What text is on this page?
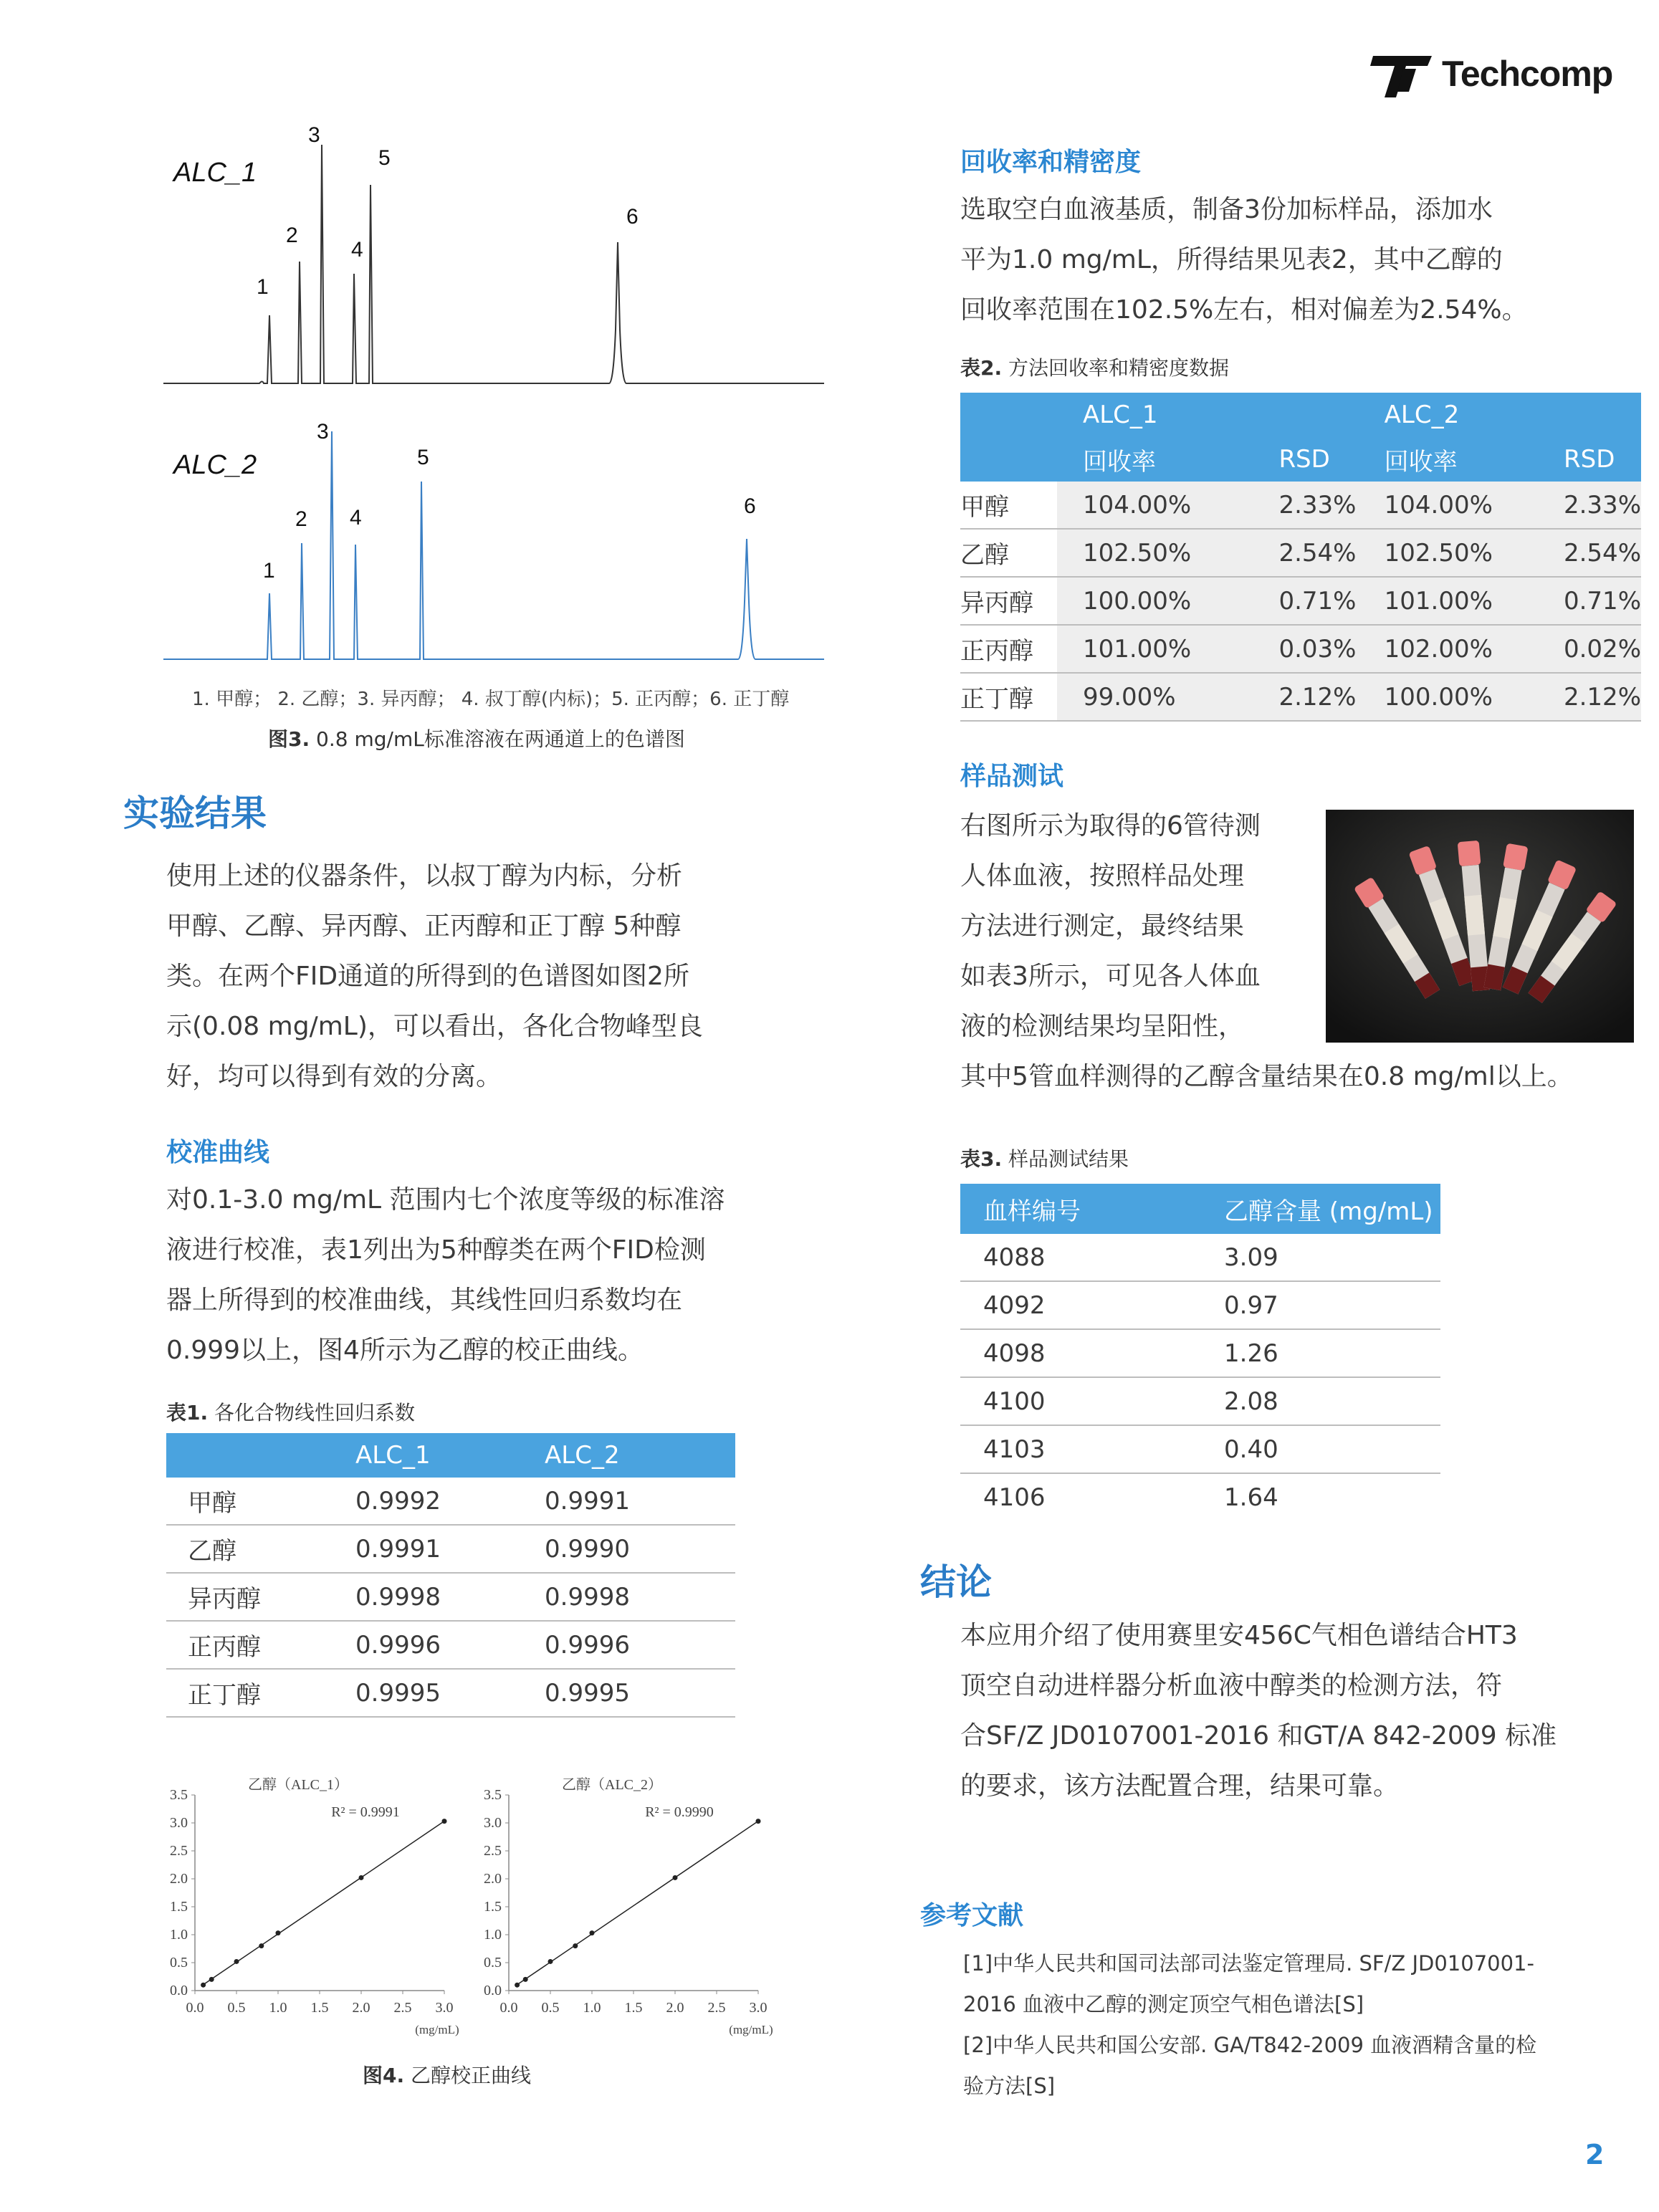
Techcomp
1
2
3
4
5
6
1
2
3
4
5
6
ALC_1
ALC_2
1. 甲醇； 2. 乙醇；3. 异丙醇； 4. 叔丁醇(内标)；5. 正丙醇；6. 正丁醇
图3. 0.8 mg/mL标准溶液在两通道上的色谱图
实验结果
使用上述的仪器条件，以叔丁醇为内标，分析
甲醇、乙醇、异丙醇、正丙醇和正丁醇 5种醇
类。在两个FID通道的所得到的色谱图如图2所
示(0.08 mg/mL)，可以看出，各化合物峰型良
好，均可以得到有效的分离。
校准曲线
对0.1-3.0 mg/mL 范围内七个浓度等级的标准溶
液进行校准，表1列出为5种醇类在两个FID检测
器上所得到的校准曲线，其线性回归系数均在
0.999以上，图4所示为乙醇的校正曲线。
表1. 各化合物线性回归系数
	ALC_1	ALC_2
甲醇	0.9992	0.9991
乙醇	0.9991	0.9990
异丙醇	0.9998	0.9998
正丙醇	0.9996	0.9996
正丁醇	0.9995	0.9995
0.0
0.5
1.0
1.5
2.0
2.5
3.0
3.5
0.0 0.5 1.0 1.5 2.0 2.5 3.0
乙醇（ALC_1）
R² = 0.9991
(mg/mL)
0.0
0.5
1.0
1.5
2.0
2.5
3.0
3.5
0.0 0.5 1.0 1.5 2.0 2.5 3.0
乙醇（ALC_2）
R² = 0.9990
(mg/mL)
图4. 乙醇校正曲线
回收率和精密度
选取空白血液基质，制备3份加标样品，添加水
平为1.0 mg/mL，所得结果见表2，其中乙醇的
回收率范围在102.5%左右，相对偏差为2.54%。
表2. 方法回收率和精密度数据
	ALC_1		ALC_2	
	回收率	RSD	回收率	RSD
甲醇	104.00%	2.33%	104.00%	2.33%
乙醇	102.50%	2.54%	102.50%	2.54%
异丙醇	100.00%	0.71%	101.00%	0.71%
正丙醇	101.00%	0.03%	102.00%	0.02%
正丁醇	99.00%	2.12%	100.00%	2.12%
样品测试
右图所示为取得的6管待测
人体血液，按照样品处理
方法进行测定，最终结果
如表3所示，可见各人体血
液的检测结果均呈阳性，
其中5管血样测得的乙醇含量结果在0.8 mg/ml以上。
表3. 样品测试结果
血样编号	乙醇含量 (mg/mL)
4088	3.09
4092	0.97
4098	1.26
4100	2.08
4103	0.40
4106	1.64
结论
本应用介绍了使用赛里安456C气相色谱结合HT3
顶空自动进样器分析血液中醇类的检测方法，符
合SF/Z JD0107001-2016 和GT/A 842-2009 标准
的要求，该方法配置合理，结果可靠。
参考文献
[1]中华人民共和国司法部司法鉴定管理局. SF/Z JD0107001-
2016 血液中乙醇的测定顶空气相色谱法[S]
[2]中华人民共和国公安部. GA/T842-2009 血液酒精含量的检
验方法[S]
2
